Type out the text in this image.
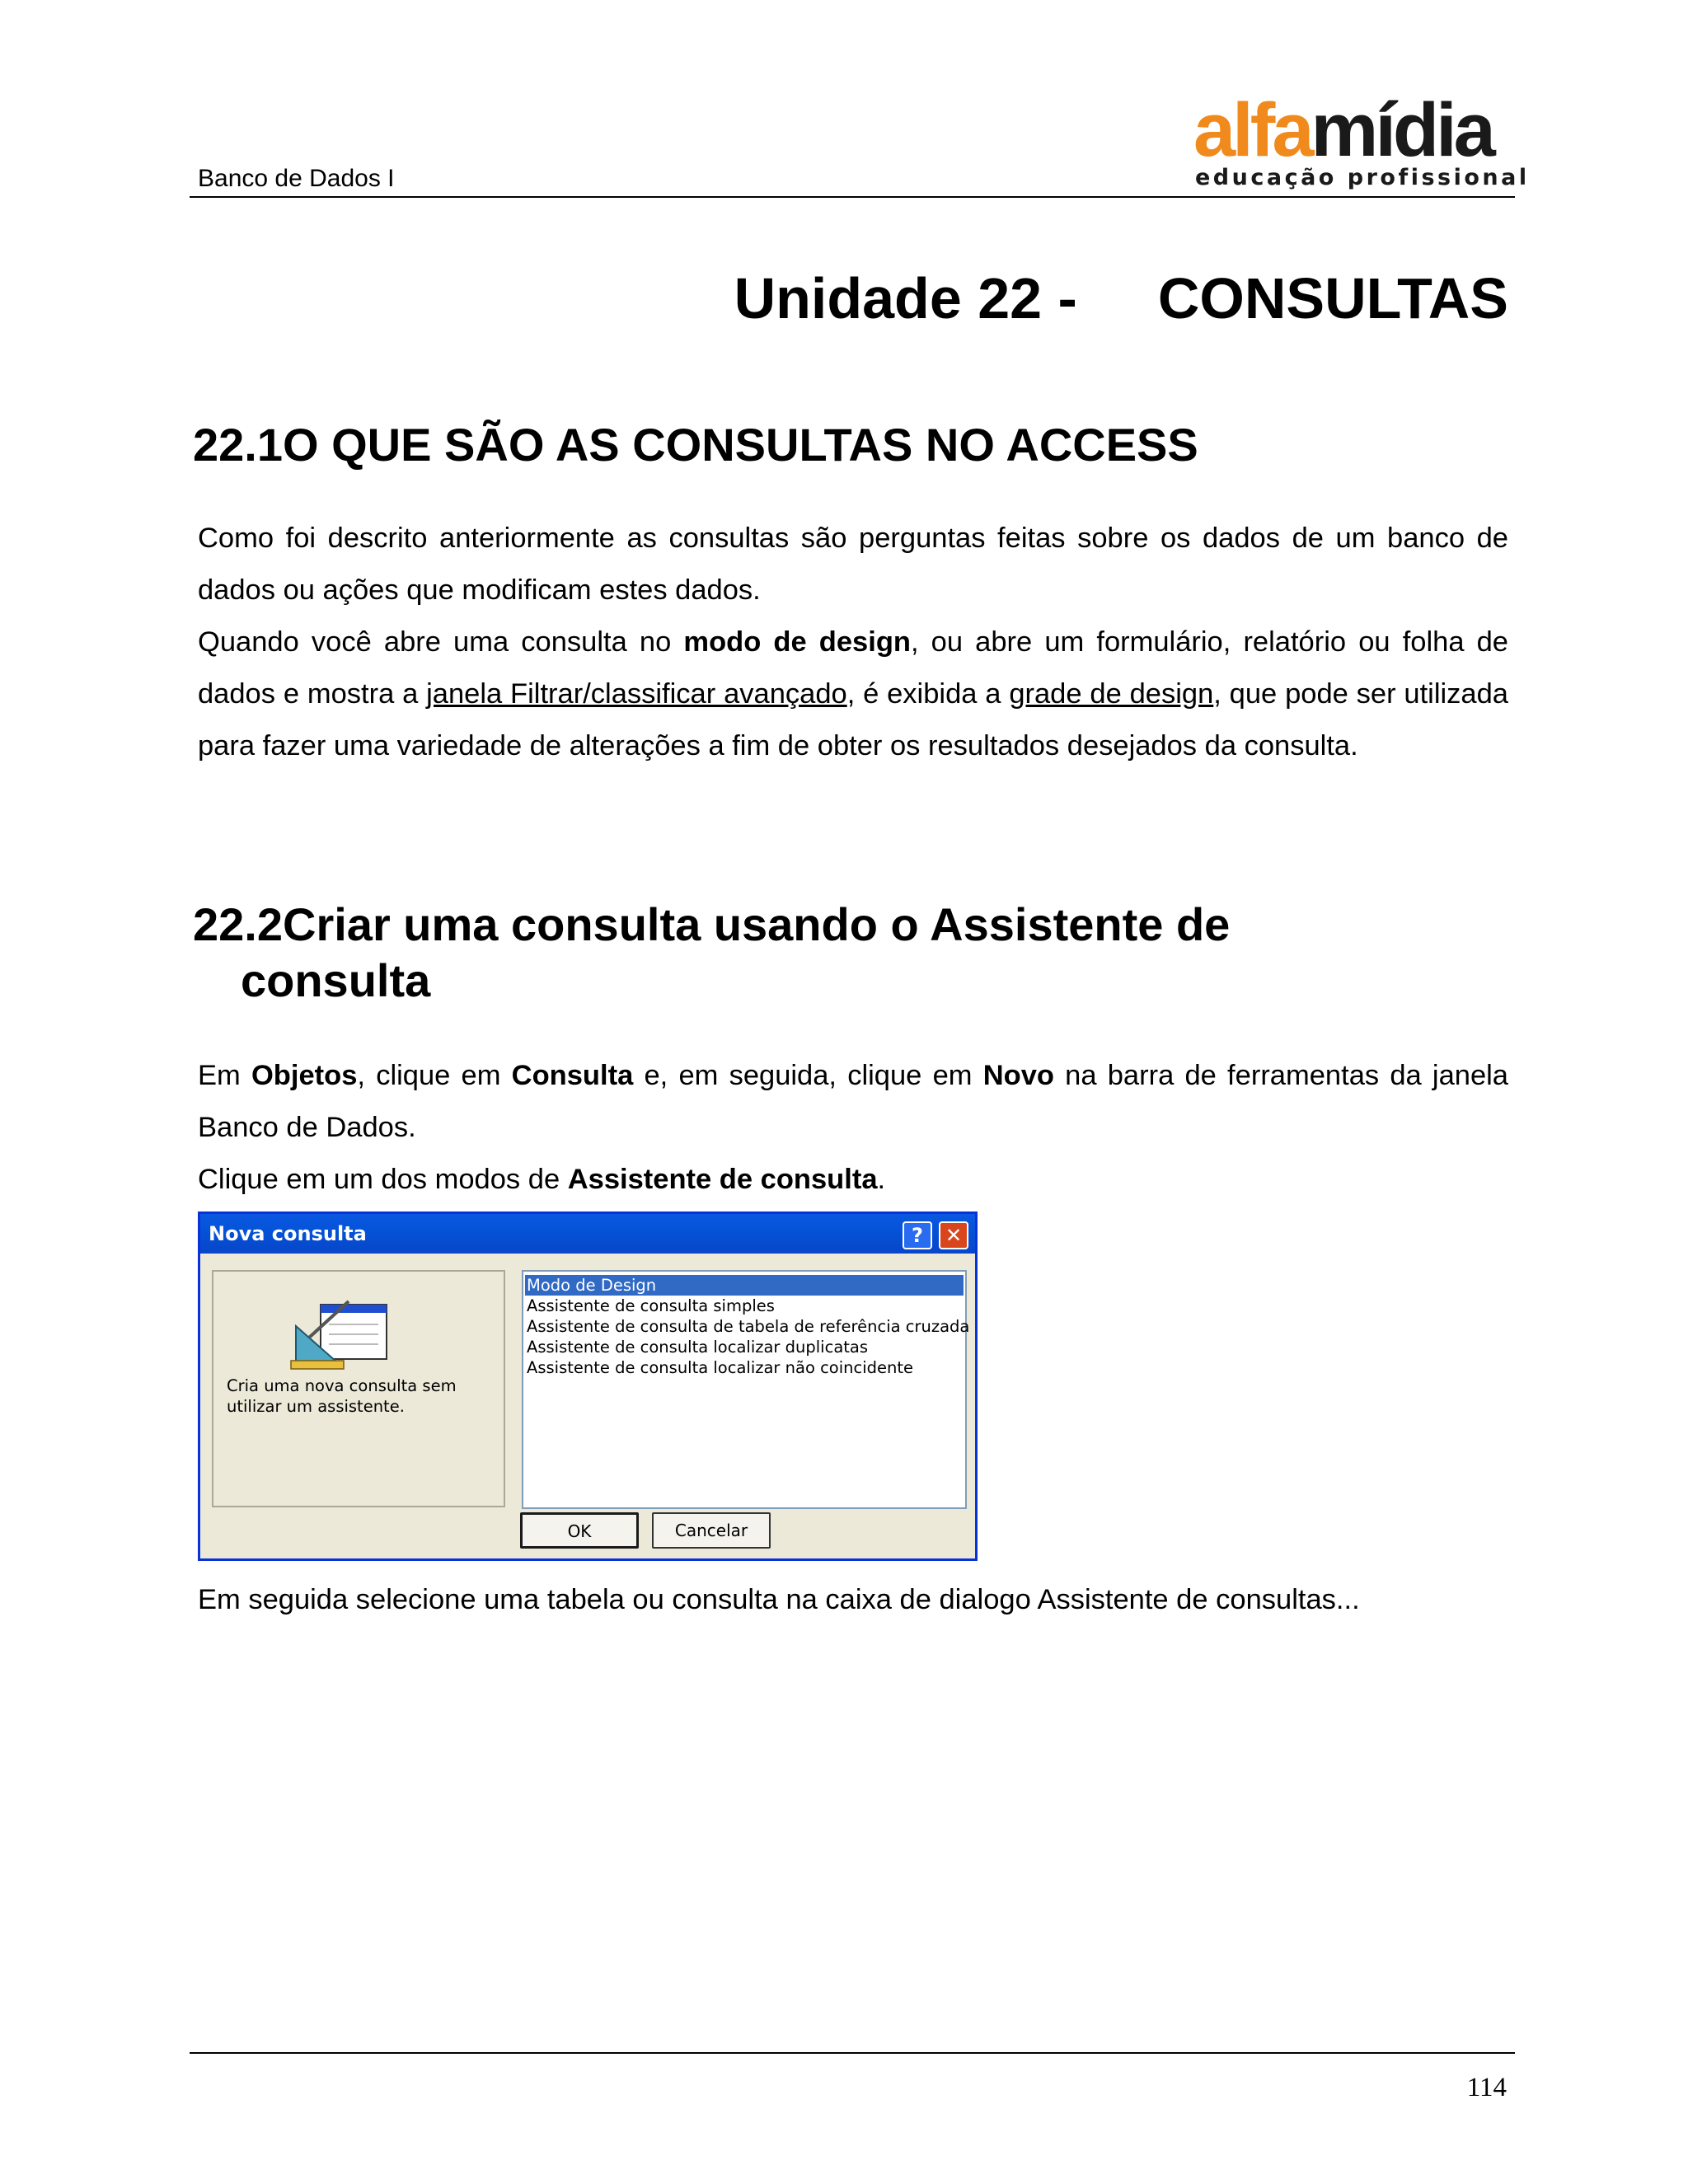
Banco de Dados I
alfamídia
educação profissional
Unidade 22 - CONSULTAS
22.1O QUE SÃO AS CONSULTAS NO ACCESS

Como foi descrito anteriormente as consultas são perguntas feitas sobre os dados de um banco de dados ou ações que modificam estes dados.

Quando você abre uma consulta no modo de design, ou abre um formulário, relatório ou folha de dados e mostra a janela Filtrar/classificar avançado, é exibida a grade de design, que pode ser utilizada para fazer uma variedade de alterações a fim de obter os resultados desejados da consulta.

22.2Criar uma consulta usando o Assistente de
consulta

Em Objetos, clique em Consulta e, em seguida, clique em Novo na barra de ferramentas da janela Banco de Dados.

Clique em um dos modos de Assistente de consulta.

Nova consulta	?	✕
Cria uma nova consulta sem utilizar um assistente.
Modo de Design
Assistente de consulta simples
Assistente de consulta de tabela de referência cruzada
Assistente de consulta localizar duplicatas
Assistente de consulta localizar não coincidente
OK	Cancelar

Em seguida selecione uma tabela ou consulta na caixa de dialogo Assistente de consultas...

114
